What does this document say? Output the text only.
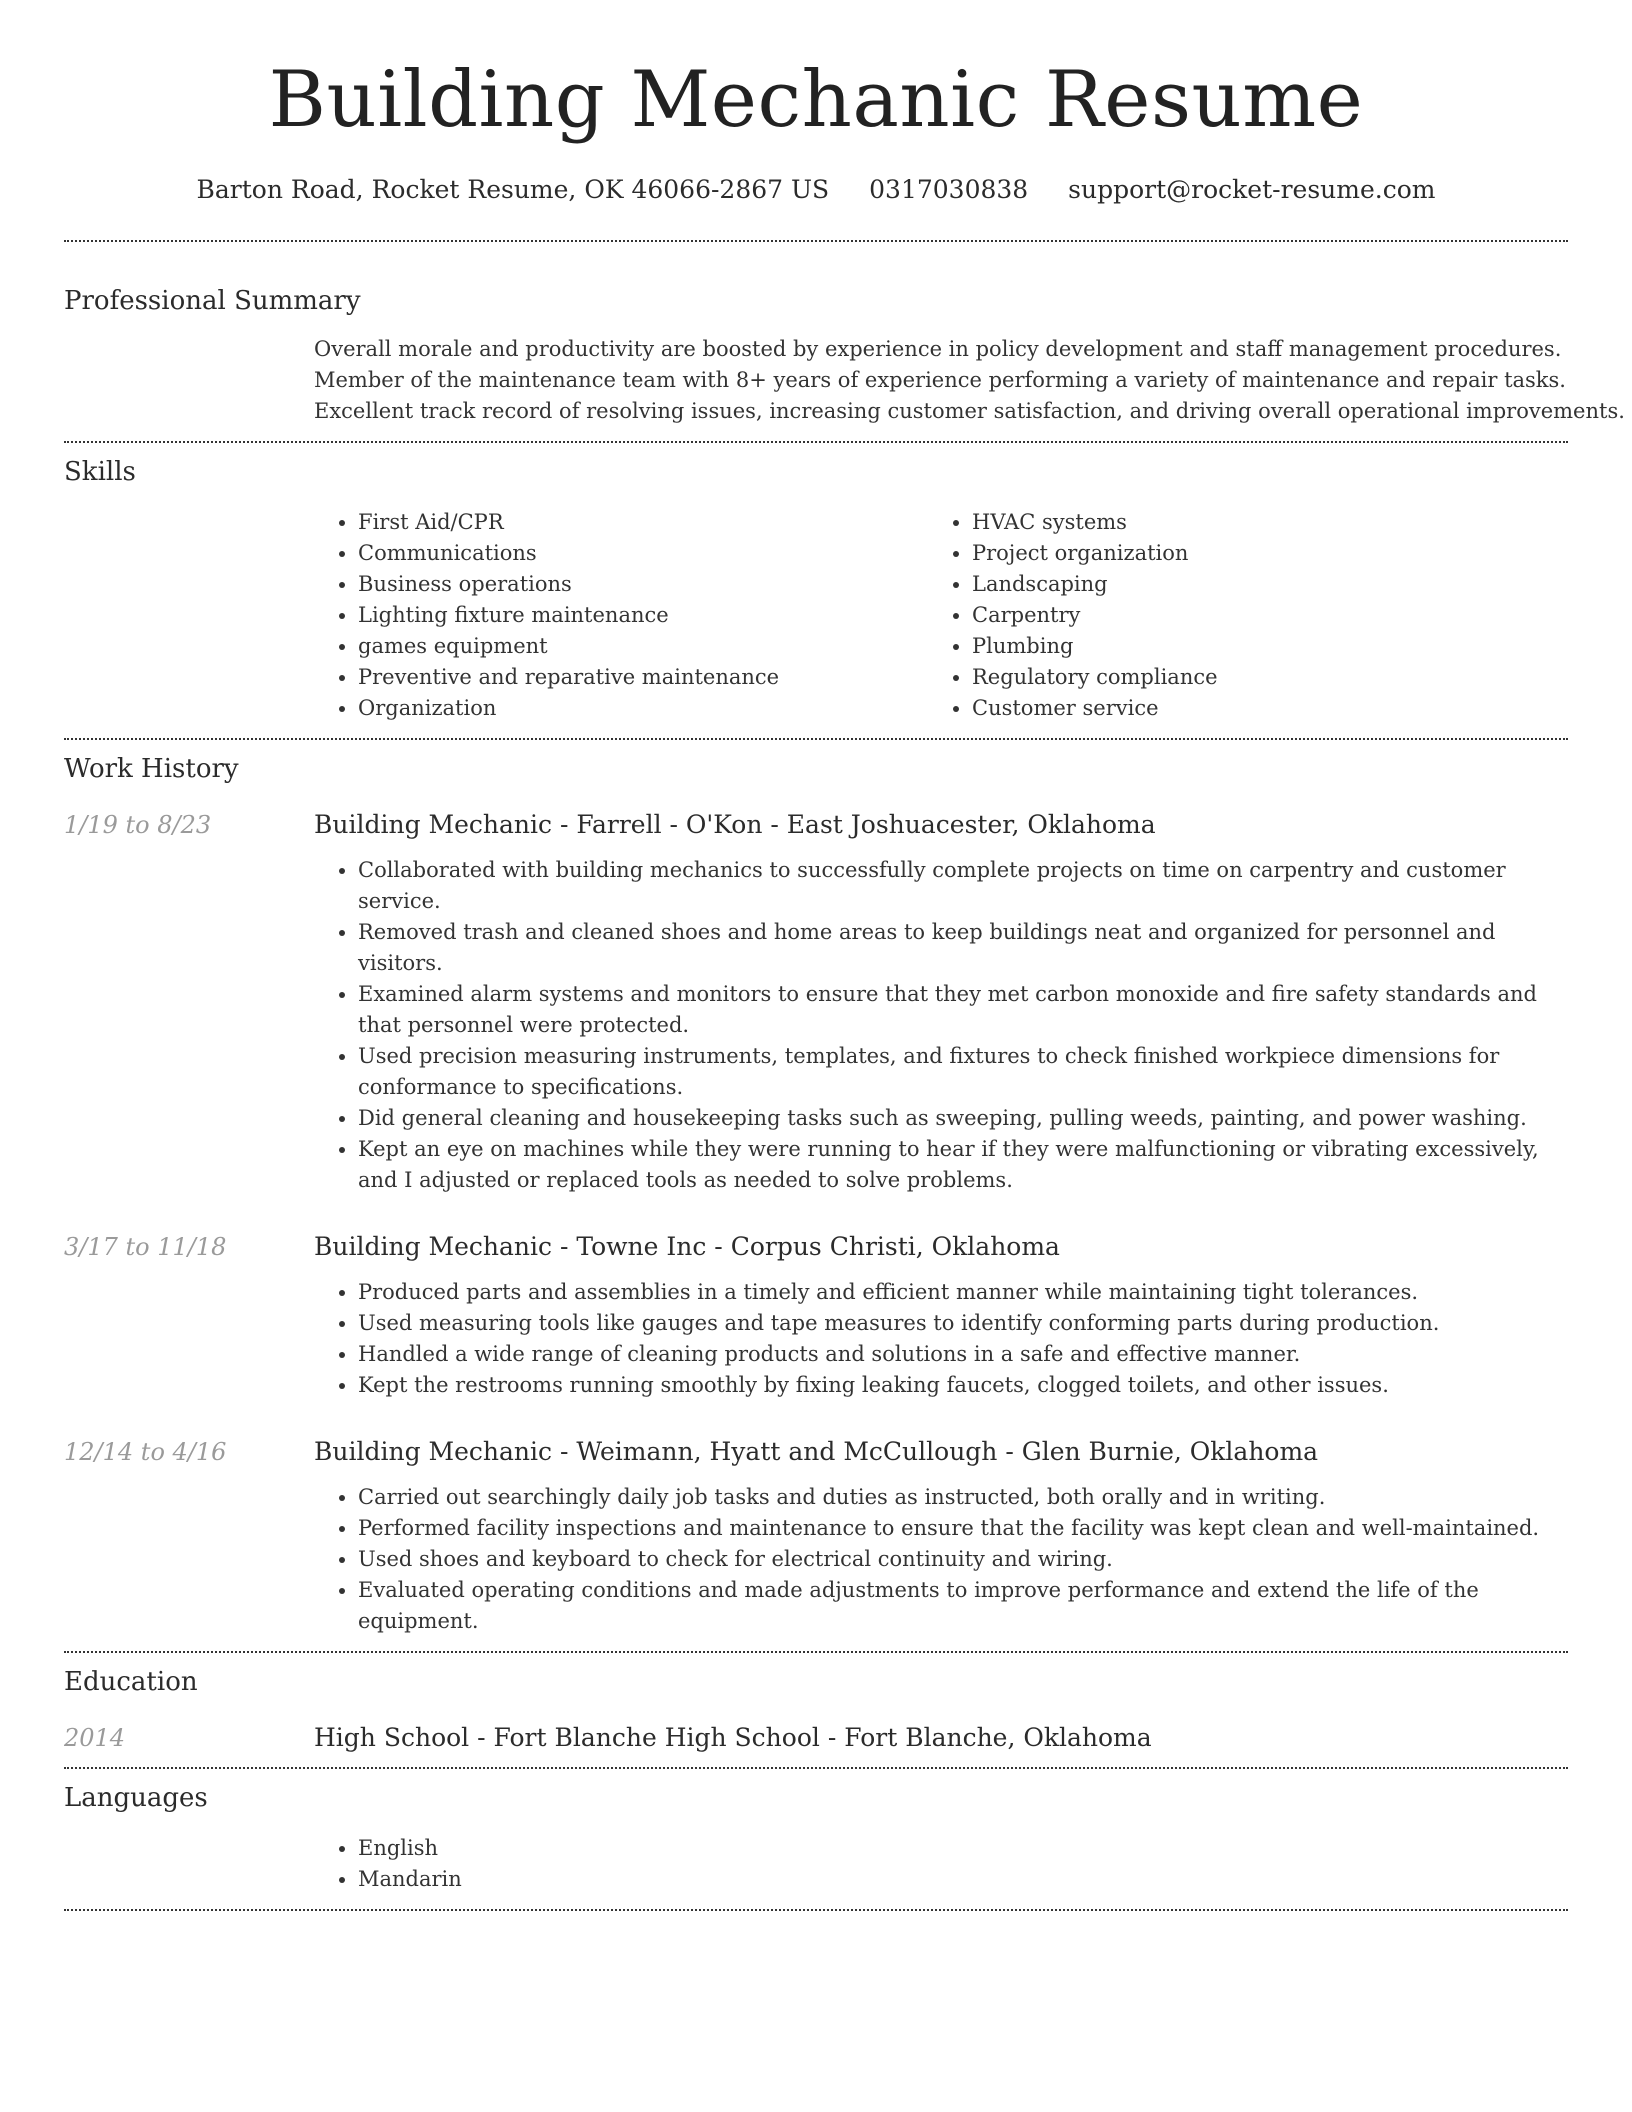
Building Mechanic Resume
Barton Road, Rocket Resume, OK 46066-2867 US 0317030838 support@rocket-resume.com
Professional Summary
Overall morale and productivity are boosted by experience in policy development and staff management procedures.
Member of the maintenance team with 8+ years of experience performing a variety of maintenance and repair tasks.
Excellent track record of resolving issues, increasing customer satisfaction, and driving overall operational improvements.
Skills
• First Aid/CPR
• Communications
• Business operations
• Lighting fixture maintenance
• games equipment
• Preventive and reparative maintenance
• Organization
• HVAC systems
• Project organization
• Landscaping
• Carpentry
• Plumbing
• Regulatory compliance
• Customer service
Work History
1/19 to 8/23	Building Mechanic - Farrell - O'Kon - East Joshuacester, Oklahoma
• Collaborated with building mechanics to successfully complete projects on time on carpentry and customer service.
• Removed trash and cleaned shoes and home areas to keep buildings neat and organized for personnel and visitors.
• Examined alarm systems and monitors to ensure that they met carbon monoxide and fire safety standards and that personnel were protected.
• Used precision measuring instruments, templates, and fixtures to check finished workpiece dimensions for conformance to specifications.
• Did general cleaning and housekeeping tasks such as sweeping, pulling weeds, painting, and power washing.
• Kept an eye on machines while they were running to hear if they were malfunctioning or vibrating excessively, and I adjusted or replaced tools as needed to solve problems.
3/17 to 11/18	Building Mechanic - Towne Inc - Corpus Christi, Oklahoma
• Produced parts and assemblies in a timely and efficient manner while maintaining tight tolerances.
• Used measuring tools like gauges and tape measures to identify conforming parts during production.
• Handled a wide range of cleaning products and solutions in a safe and effective manner.
• Kept the restrooms running smoothly by fixing leaking faucets, clogged toilets, and other issues.
12/14 to 4/16	Building Mechanic - Weimann, Hyatt and McCullough - Glen Burnie, Oklahoma
• Carried out searchingly daily job tasks and duties as instructed, both orally and in writing.
• Performed facility inspections and maintenance to ensure that the facility was kept clean and well-maintained.
• Used shoes and keyboard to check for electrical continuity and wiring.
• Evaluated operating conditions and made adjustments to improve performance and extend the life of the equipment.
Education
2014	High School - Fort Blanche High School - Fort Blanche, Oklahoma
Languages
• English
• Mandarin
